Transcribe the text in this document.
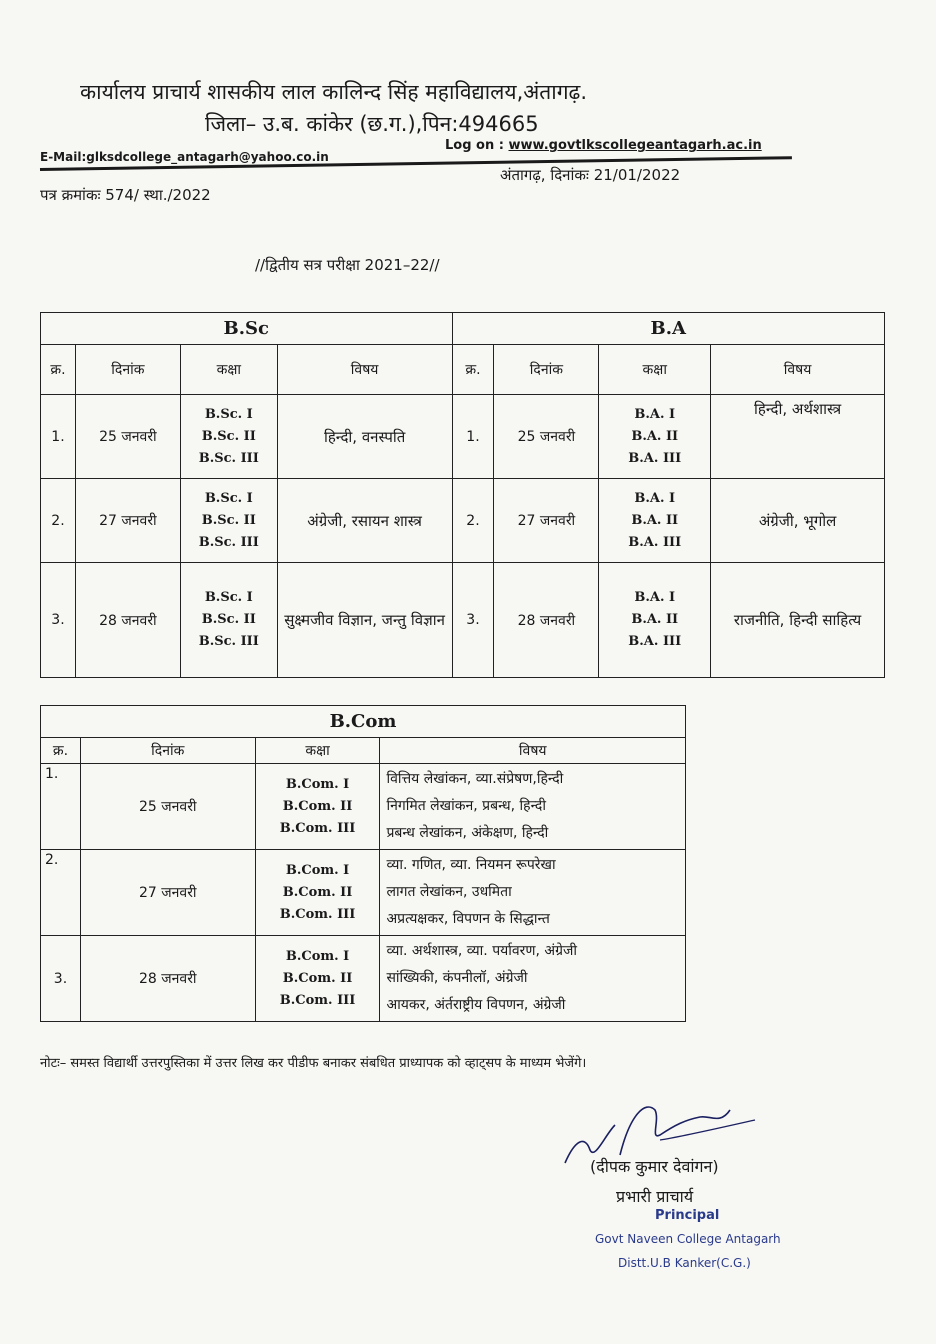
कार्यालय प्राचार्य शासकीय लाल कालिन्द सिंह महाविद्यालय,अंतागढ़.
जिला– उ.ब. कांकेर (छ.ग.),पिन:494665
E-Mail:glksdcollege_antagarh@yahoo.co.in
Log on : www.govtlkscollegeantagarh.ac.in
पत्र क्रमांकः 574/ स्था./2022
अंतागढ़, दिनांकः 21/01/2022
//द्वितीय सत्र परीक्षा 2021–22//
B.Sc				B.A			
क्र.	दिनांक	कक्षा	विषय	क्र.	दिनांक	कक्षा	विषय
1.	25 जनवरी	B.Sc. I
B.Sc. II
B.Sc. III	हिन्दी, वनस्पति	1.	25 जनवरी	B.A. I
B.A. II
B.A. III	हिन्दी, अर्थशास्त्र
2.	27 जनवरी	B.Sc. I
B.Sc. II
B.Sc. III	अंग्रेजी, रसायन शास्त्र	2.	27 जनवरी	B.A. I
B.A. II
B.A. III	अंग्रेजी, भूगोल
3.	28 जनवरी	B.Sc. I
B.Sc. II
B.Sc. III	सुक्ष्मजीव विज्ञान, जन्तु विज्ञान	3.	28 जनवरी	B.A. I
B.A. II
B.A. III	राजनीति, हिन्दी साहित्य
B.Com			
क्र.	दिनांक	कक्षा	विषय
1.	25 जनवरी	B.Com. I
B.Com. II
B.Com. III	वित्तिय लेखांकन, व्या.संप्रेषण,हिन्दी
निगमित लेखांकन, प्रबन्ध, हिन्दी
प्रबन्ध लेखांकन, अंकेक्षण, हिन्दी
2.	27 जनवरी	B.Com. I
B.Com. II
B.Com. III	व्या. गणित, व्या. नियमन रूपरेखा
लागत लेखांकन, उधमिता
अप्रत्यक्षकर, विपणन के सिद्धान्त
3.	28 जनवरी	B.Com. I
B.Com. II
B.Com. III	व्या. अर्थशास्त्र, व्या. पर्यावरण, अंग्रेजी
सांख्यिकी, कंपनीलॉ, अंग्रेजी
आयकर, अंर्तराष्ट्रीय विपणन, अंग्रेजी
नोटः– समस्त विद्यार्थी उत्तरपुस्तिका में उत्तर लिख कर पीडीफ बनाकर संबधित प्राध्यापक को व्हाट्सप के माध्यम भेजेंगे।
(दीपक कुमार देवांगन)
प्रभारी प्राचार्य
Principal
Govt Naveen College Antagarh
Distt.U.B Kanker(C.G.)
